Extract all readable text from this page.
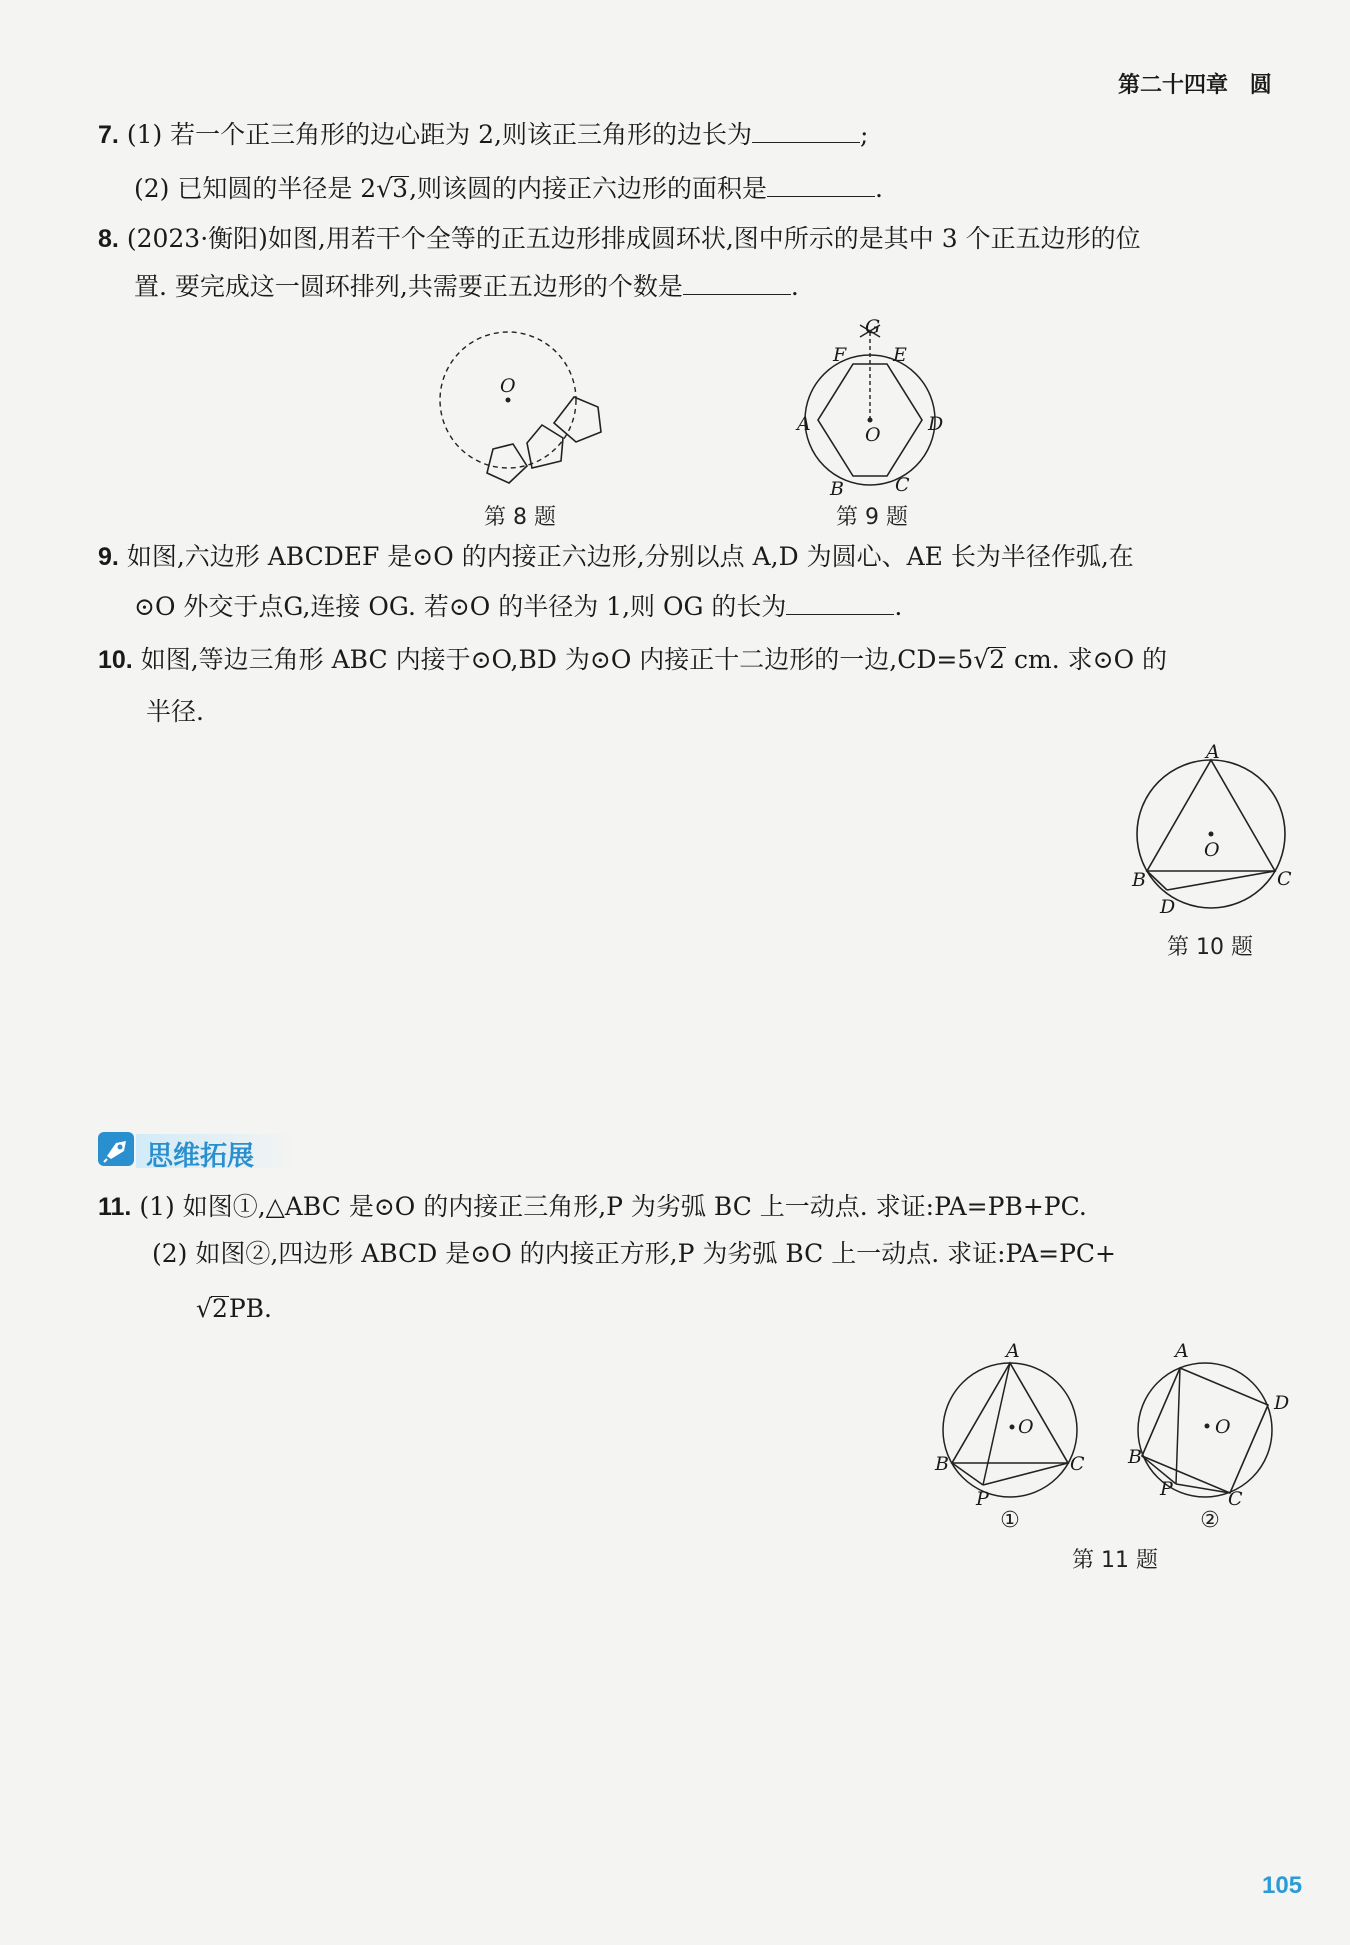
第二十四章 圆
7. (1) 若一个正三角形的边心距为 2,则该正三角形的边长为	;
(2) 已知圆的半径是 2√3,则该圆的内接正六边形的面积是	.
8. (2023·衡阳)如图,用若干个全等的正五边形排成圆环状,图中所示的是其中 3 个正五边形的位
置. 要完成这一圆环排列,共需要正五边形的个数是	.
O
第 8 题
G
F E
A	D
O
B	C
第 9 题
9. 如图,六边形 ABCDEF 是⊙O 的内接正六边形,分别以点 A,D 为圆心、AE 长为半径作弧,在
⊙O 外交于点G,连接 OG. 若⊙O 的半径为 1,则 OG 的长为	.
10. 如图,等边三角形 ABC 内接于⊙O,BD 为⊙O 内接正十二边形的一边,CD=5√2 cm. 求⊙O 的
半径.
A
O
B	C
D
第 10 题
思维拓展
11. (1) 如图①,△ABC 是⊙O 的内接正三角形,P 为劣弧 BC 上一动点. 求证:PA=PB+PC.
(2) 如图②,四边形 ABCD 是⊙O 的内接正方形,P 为劣弧 BC 上一动点. 求证:PA=PC+
√2PB.
O
A
B	C
P
O
A
D
B
C
P
①	②
第 11 题
105
